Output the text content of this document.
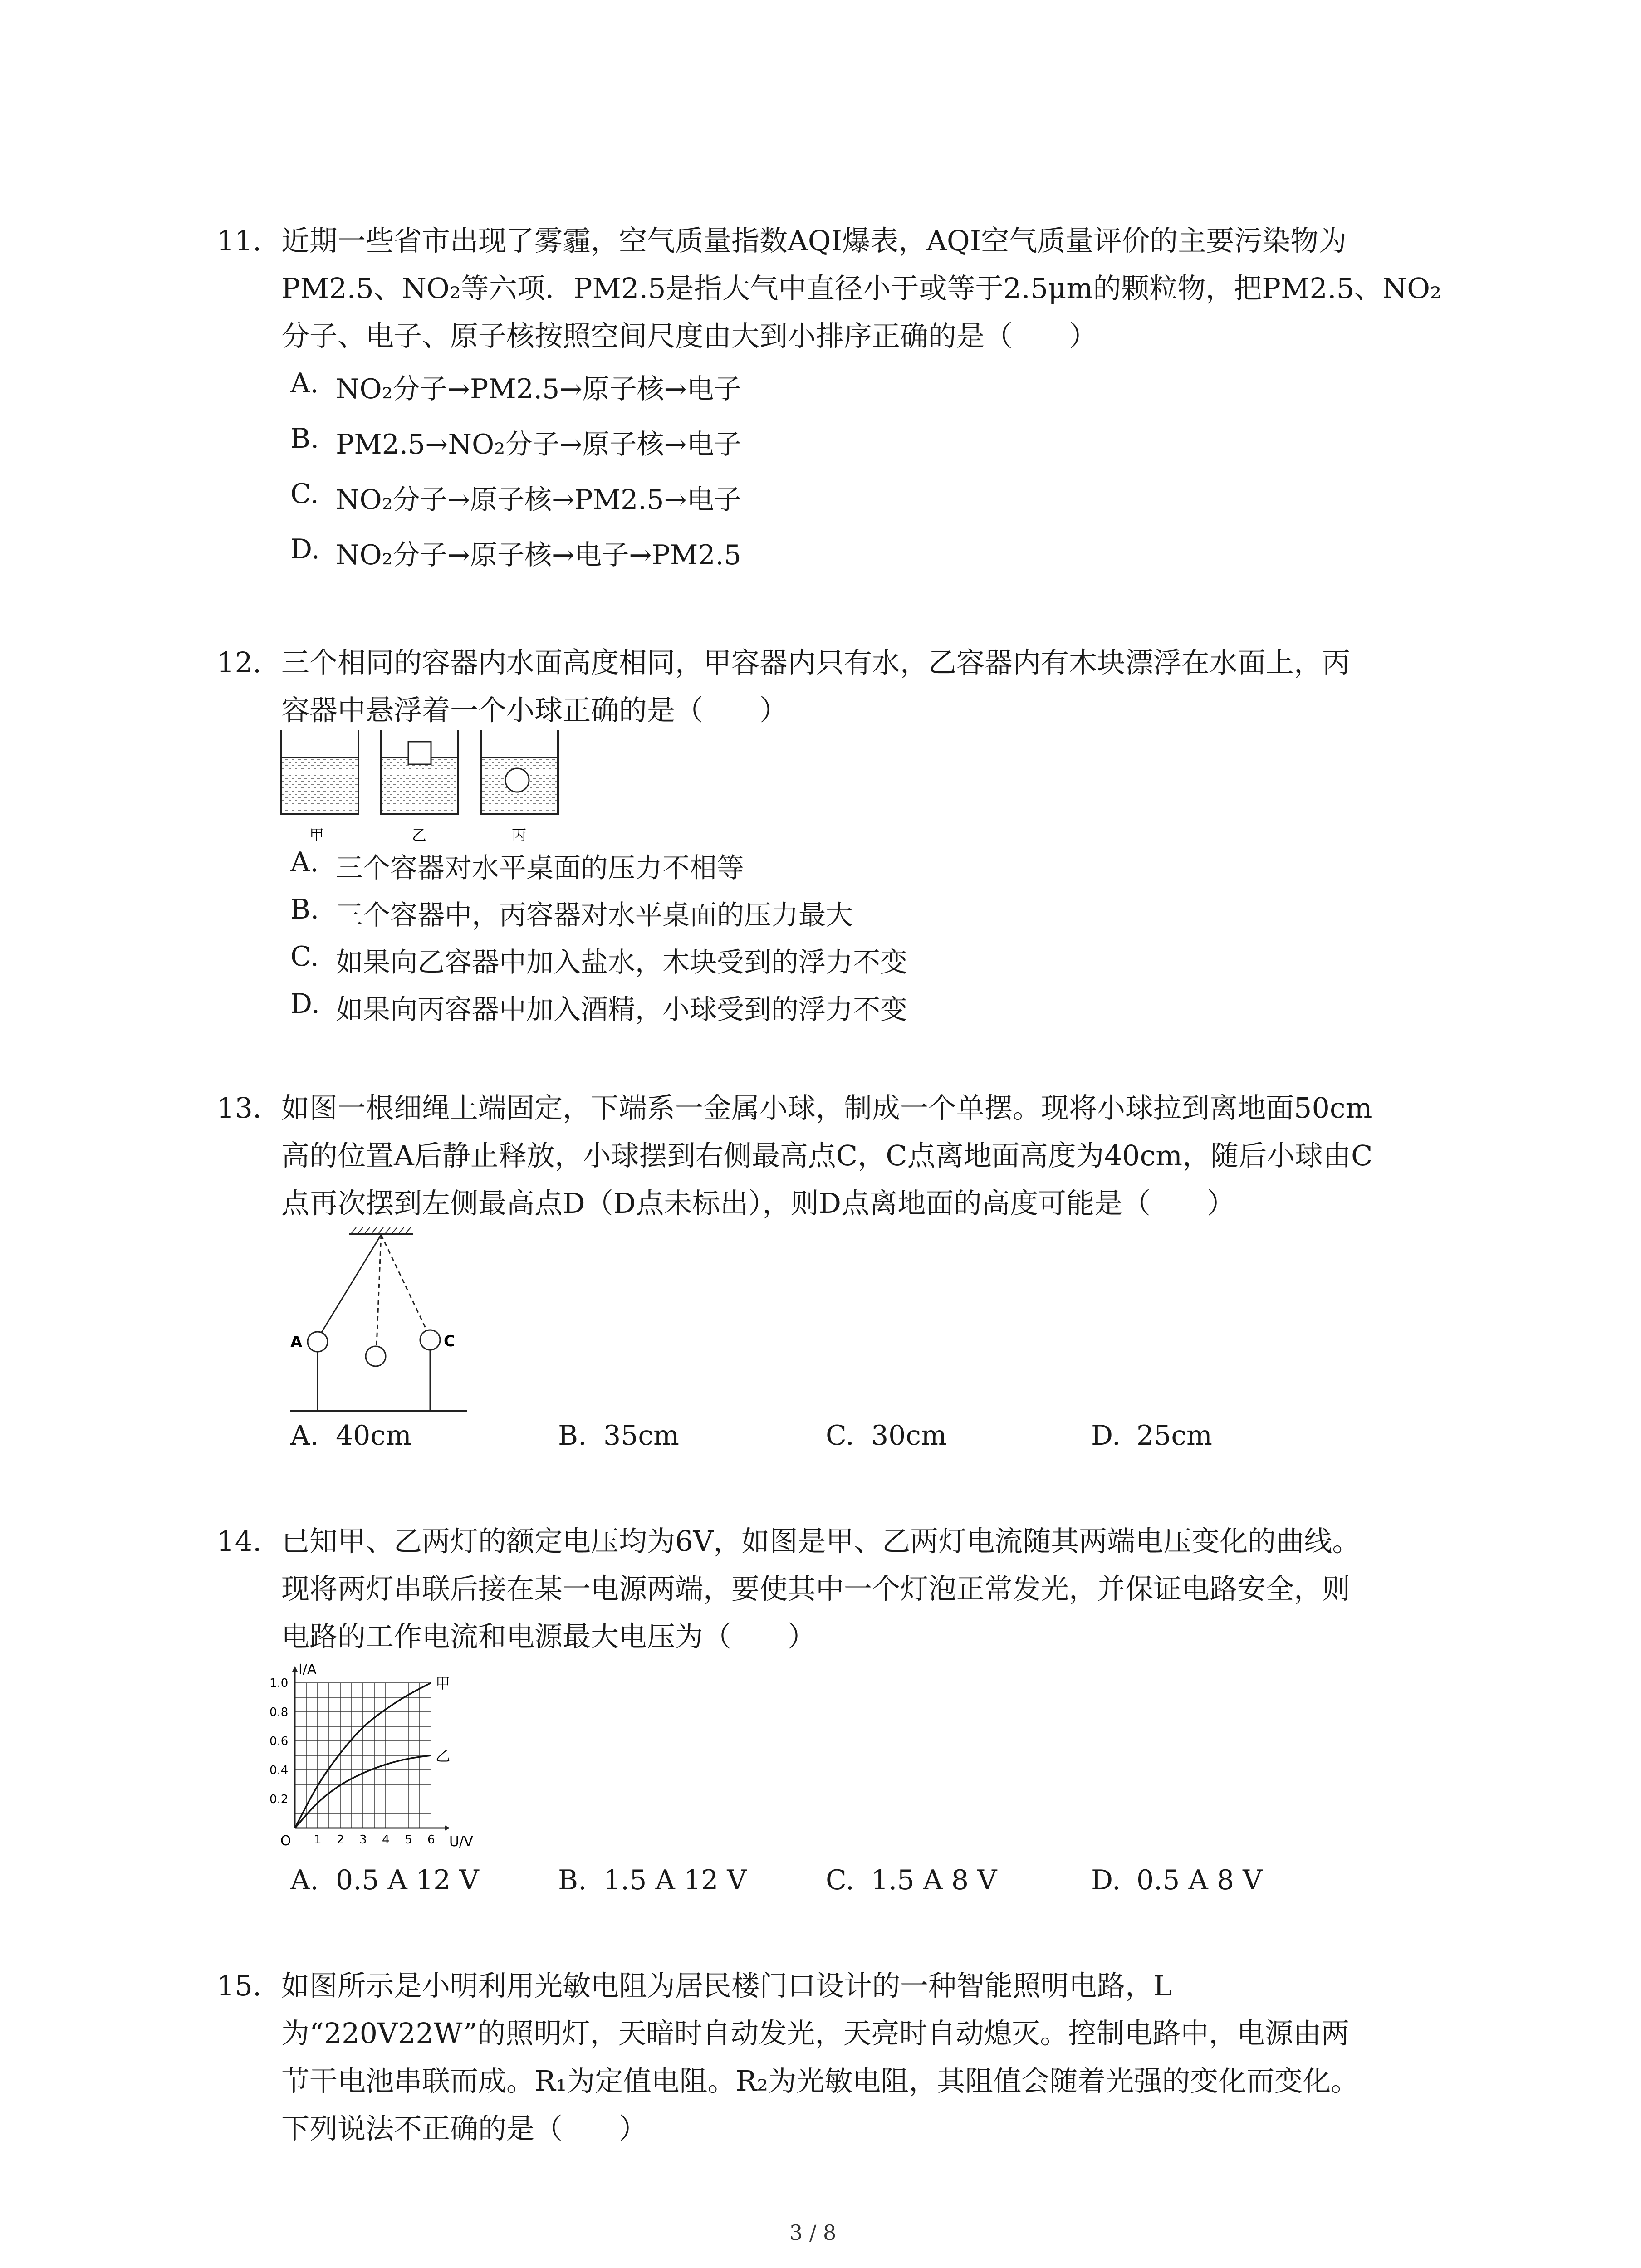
11. 近期一些省市出现了雾霾，空气质量指数AQI爆表，AQI空气质量评价的主要污染物为
PM2.5、NO₂等六项．PM2.5是指大气中直径小于或等于2.5μm的颗粒物，把PM2.5、NO₂
分子、电子、原子核按照空间尺度由大到小排序正确的是（　　）
A. NO₂分子→PM2.5→原子核→电子
B. PM2.5→NO₂分子→原子核→电子
C. NO₂分子→原子核→PM2.5→电子
D. NO₂分子→原子核→电子→PM2.5
12. 三个相同的容器内水面高度相同，甲容器内只有水，乙容器内有木块漂浮在水面上，丙
容器中悬浮着一个小球正确的是（　　）
甲	乙	丙
A. 三个容器对水平桌面的压力不相等
B. 三个容器中，丙容器对水平桌面的压力最大
C. 如果向乙容器中加入盐水，木块受到的浮力不变
D. 如果向丙容器中加入酒精，小球受到的浮力不变
13. 如图一根细绳上端固定，下端系一金属小球，制成一个单摆。现将小球拉到离地面50cm
高的位置A后静止释放，小球摆到右侧最高点C，C点离地面高度为40cm，随后小球由C
点再次摆到左侧最高点D（D点未标出），则D点离地面的高度可能是（　　）
A	C
A. 40cm	B. 35cm	C. 30cm	D. 25cm
14. 已知甲、乙两灯的额定电压均为6V，如图是甲、乙两灯电流随其两端电压变化的曲线。
现将两灯串联后接在某一电源两端，要使其中一个灯泡正常发光，并保证电路安全，则
电路的工作电流和电源最大电压为（　　）
1 2 3 4 5 6
0.2
0.4
0.6
0.8
1.0	甲
乙
I/A
U/V
O
A. 0.5 A 12 V	B. 1.5 A 12 V	C. 1.5 A 8 V	D. 0.5 A 8 V
15. 如图所示是小明利用光敏电阻为居民楼门口设计的一种智能照明电路，L
为“220V22W”的照明灯，天暗时自动发光，天亮时自动熄灭。控制电路中，电源由两
节干电池串联而成。R₁为定值电阻。R₂为光敏电阻，其阻值会随着光强的变化而变化。
下列说法不正确的是（　　）
3 / 8
